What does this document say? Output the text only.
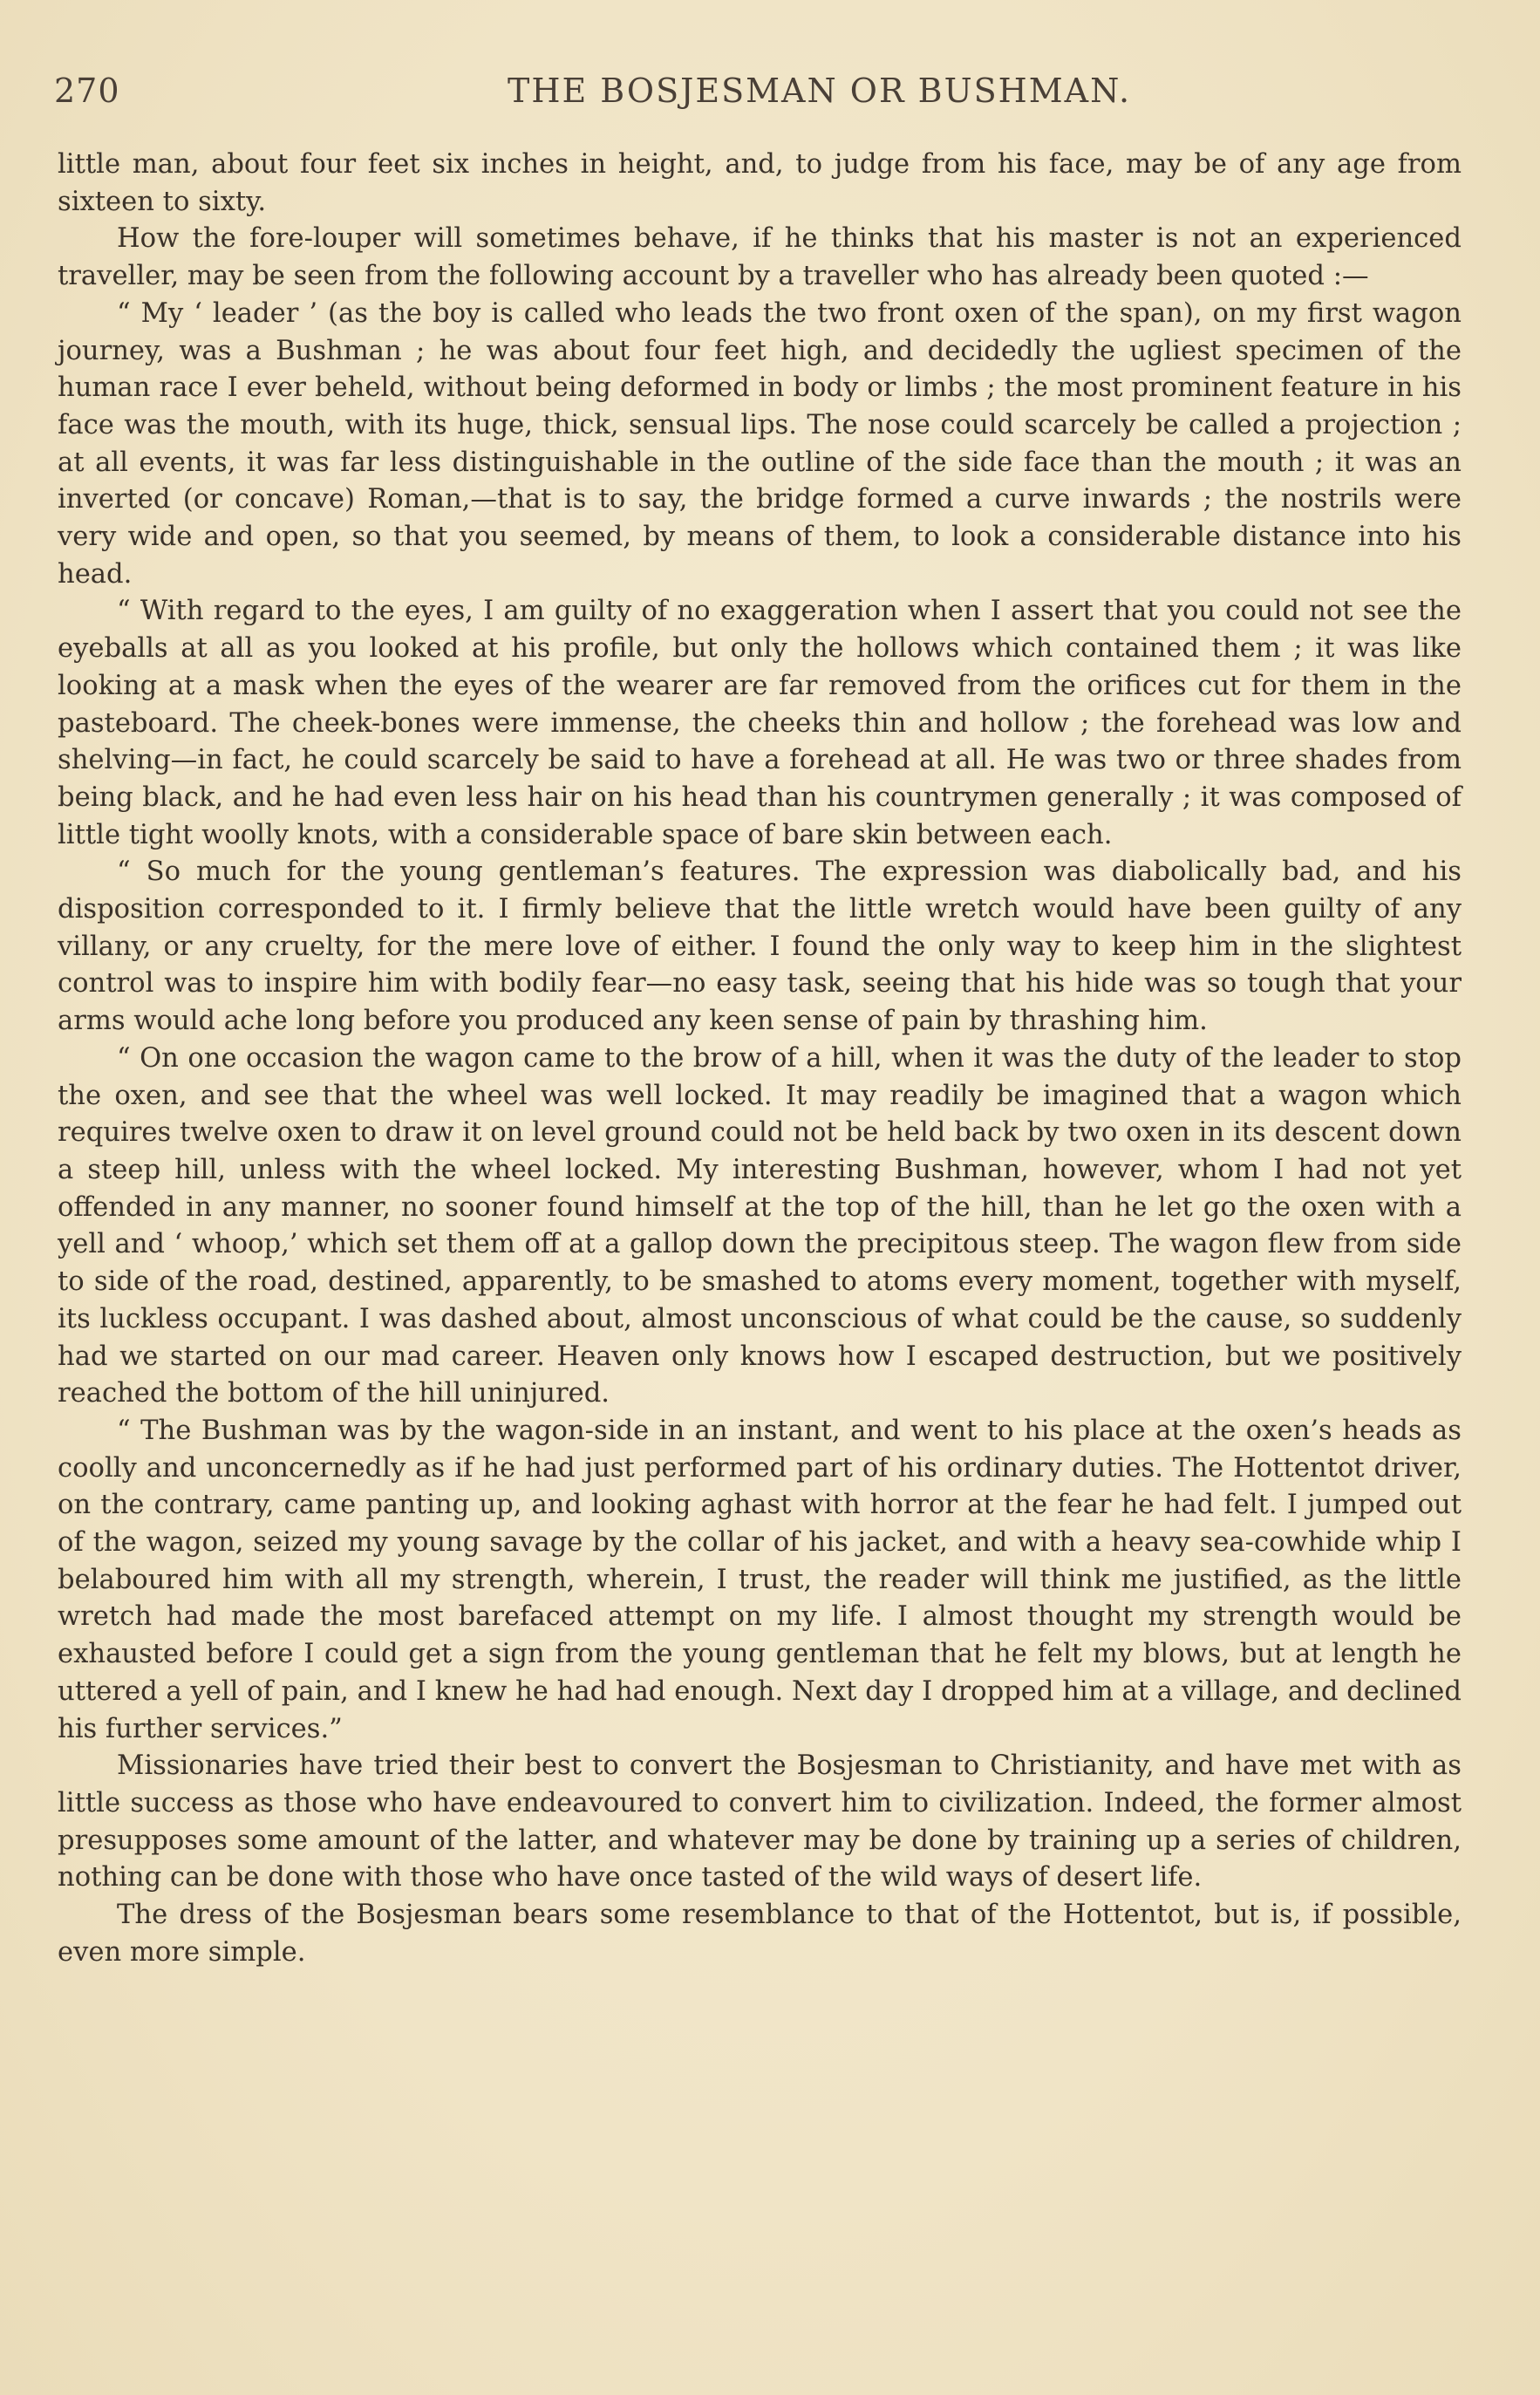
270	THE BOSJESMAN OR BUSHMAN.

little man, about four feet six inches in height, and, to judge from his face, may be of any age from sixteen to sixty.

How the fore-louper will sometimes behave, if he thinks that his master is not an experienced traveller, may be seen from the following account by a traveller who has already been quoted :—

“ My ‘ leader ’ (as the boy is called who leads the two front oxen of the span), on my first wagon journey, was a Bushman ; he was about four feet high, and decidedly the ugliest specimen of the human race I ever beheld, without being deformed in body or limbs ; the most prominent feature in his face was the mouth, with its huge, thick, sensual lips. The nose could scarcely be called a projection ; at all events, it was far less distinguishable in the outline of the side face than the mouth ; it was an inverted (or concave) Roman,—that is to say, the bridge formed a curve inwards ; the nostrils were very wide and open, so that you seemed, by means of them, to look a considerable distance into his head.

“ With regard to the eyes, I am guilty of no exaggeration when I assert that you could not see the eyeballs at all as you looked at his profile, but only the hollows which contained them ; it was like looking at a mask when the eyes of the wearer are far removed from the orifices cut for them in the pasteboard. The cheek-bones were immense, the cheeks thin and hollow ; the forehead was low and shelving—in fact, he could scarcely be said to have a forehead at all. He was two or three shades from being black, and he had even less hair on his head than his countrymen generally ; it was composed of little tight woolly knots, with a considerable space of bare skin between each.

“ So much for the young gentleman’s features. The expression was diabolically bad, and his disposition corresponded to it. I firmly believe that the little wretch would have been guilty of any villany, or any cruelty, for the mere love of either. I found the only way to keep him in the slightest control was to inspire him with bodily fear—no easy task, seeing that his hide was so tough that your arms would ache long before you produced any keen sense of pain by thrashing him.

“ On one occasion the wagon came to the brow of a hill, when it was the duty of the leader to stop the oxen, and see that the wheel was well locked. It may readily be imagined that a wagon which requires twelve oxen to draw it on level ground could not be held back by two oxen in its descent down a steep hill, unless with the wheel locked. My interesting Bushman, however, whom I had not yet offended in any manner, no sooner found himself at the top of the hill, than he let go the oxen with a yell and ‘ whoop,’ which set them off at a gallop down the precipitous steep. The wagon flew from side to side of the road, destined, apparently, to be smashed to atoms every moment, together with myself, its luckless occupant. I was dashed about, almost unconscious of what could be the cause, so suddenly had we started on our mad career. Heaven only knows how I escaped destruction, but we positively reached the bottom of the hill uninjured.

“ The Bushman was by the wagon-side in an instant, and went to his place at the oxen’s heads as coolly and unconcernedly as if he had just performed part of his ordinary duties. The Hottentot driver, on the contrary, came panting up, and looking aghast with horror at the fear he had felt. I jumped out of the wagon, seized my young savage by the collar of his jacket, and with a heavy sea-cowhide whip I belaboured him with all my strength, wherein, I trust, the reader will think me justified, as the little wretch had made the most barefaced attempt on my life. I almost thought my strength would be exhausted before I could get a sign from the young gentleman that he felt my blows, but at length he uttered a yell of pain, and I knew he had had enough. Next day I dropped him at a village, and declined his further services.”

Missionaries have tried their best to convert the Bosjesman to Christianity, and have met with as little success as those who have endeavoured to convert him to civilization. Indeed, the former almost presupposes some amount of the latter, and whatever may be done by training up a series of children, nothing can be done with those who have once tasted of the wild ways of desert life.

The dress of the Bosjesman bears some resemblance to that of the Hottentot, but is, if possible, even more simple.
